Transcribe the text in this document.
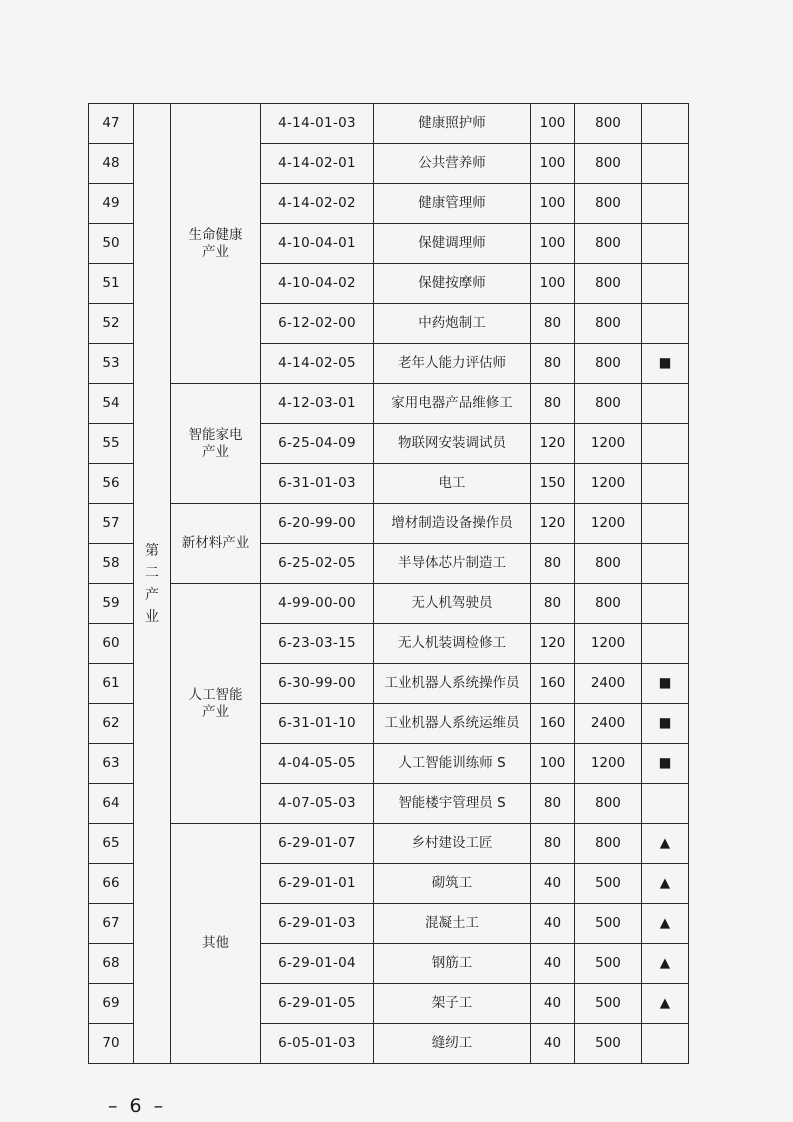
47	第二产业	生命健康产业	4-14-01-03	健康照护师	100	800	
48			4-14-02-01	公共营养师	100	800	
49			4-14-02-02	健康管理师	100	800	
50			4-10-04-01	保健调理师	100	800	
51			4-10-04-02	保健按摩师	100	800	
52			6-12-02-00	中药炮制工	80	800	
53			4-14-02-05	老年人能力评估师	80	800	■
54		智能家电产业	4-12-03-01	家用电器产品维修工	80	800	
55			6-25-04-09	物联网安装调试员	120	1200	
56			6-31-01-03	电工	150	1200	
57		新材料产业	6-20-99-00	增材制造设备操作员	120	1200	
58			6-25-02-05	半导体芯片制造工	80	800	
59		人工智能产业	4-99-00-00	无人机驾驶员	80	800	
60			6-23-03-15	无人机装调检修工	120	1200	
61			6-30-99-00	工业机器人系统操作员	160	2400	■
62			6-31-01-10	工业机器人系统运维员	160	2400	■
63			4-04-05-05	人工智能训练师 S	100	1200	■
64			4-07-05-03	智能楼宇管理员 S	80	800	
65		其他	6-29-01-07	乡村建设工匠	80	800	▲
66			6-29-01-01	砌筑工	40	500	▲
67			6-29-01-03	混凝土工	40	500	▲
68			6-29-01-04	钢筋工	40	500	▲
69			6-29-01-05	架子工	40	500	▲
70			6-05-01-03	缝纫工	40	500	
– 6 –
